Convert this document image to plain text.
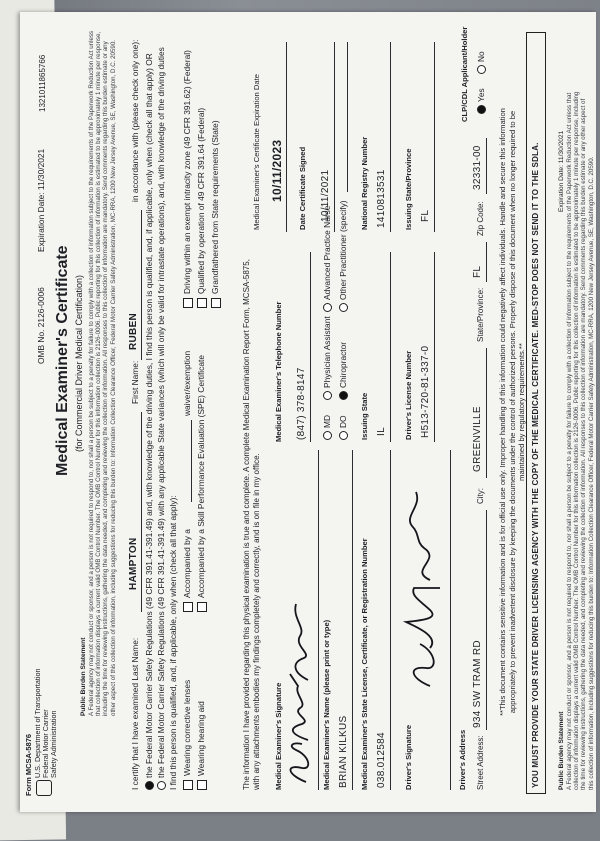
Form MCSA-5876 U.S. Department of Transportation Federal Motor Carrier Safety Administration
OMB No. 2126-0006
Expiration Date: 11/30/2021
1321011865766
Medical Examiner's Certificate (for Commercial Driver Medical Certification)
Public Burden Statement A Federal agency may not conduct or sponsor, and a person is not required to respond to, nor shall a person be subject to a penalty for failure to comply with a collection of information subject to the requirements of the Paperwork Reduction Act unless that collection of information displays a current valid OMB Control Number. The OMB Control Number for this information collection is 2126-0006. Public reporting for this collection of information is estimated to be approximately 1 minute per response, including the time for reviewing instructions, gathering the data needed, and completing and reviewing the collection of information. All responses to this collection of information are mandatory. Send comments regarding this burden estimate or any other aspect of this collection of information, including suggestions for reducing this burden to: Information Collection Clearance Officer, Federal Motor Carrier Safety Administration, MC-RRA, 1200 New Jersey Avenue, SE, Washington, D.C. 20590. I certify that I have examined Last Name:
HAMPTON
First Name:
RUBEN
in accordance with (please check only one): the Federal Motor Carrier Safety Regulations (49 CFR 391.41-391.49) and, with knowledge of the driving duties, I find this person is qualified, and, if applicable, only when (check all that apply) OR the Federal Motor Carrier Safety Regulations (49 CFR 391.41-391.49) with any applicable State variances (which will only be valid for intrastate operations), and, with knowledge of the driving duties I find this person is qualified, and, if applicable, only when (check all that apply): Wearing corrective lenses Wearing hearing aid
Accompanied by a
waiver/exemption Accompanied by a Skill Performance Evaluation (SPE) Certificate
Driving within an exempt intracity zone (49 CFR 391.62) (Federal) Qualified by operation of 49 CFR 391.64 (Federal) Grandfathered from State requirements (State)
The information I have provided regarding this physical examination is true and complete. A complete Medical Examination Report Form, MCSA-5875, with any attachments embodies my findings completely and correctly, and is on file in my office.
Medical Examiner's Certificate Expiration Date 10/11/2023
Medical Examiner's Signature
Medical Examiner's Telephone Number (847) 378-8147
Date Certificate Signed 10/11/2021
Medical Examiner's Name (please print or type) BRIAN KILKUS
MD
Physician Assistant
Advanced Practice Nurse
DO
Chiropractor
Other Practitioner (specify)
Medical Examiner's State License, Certificate, or Registration Number 038.012584
Issuing State IL
National Registry Number 1410813531
Driver's Signature
Driver's License Number H513-720-81-337-0
Issuing State/Province FL
Driver's Address Street Address:
934 SW TRAM RD
City:
GREENVILLE
State/Province:
FL
Zip Code:
32331-00
CLP/CDL Applicant/Holder Yes
No
**This document contains sensitive information and is for official use only. Improper handling of this information could negatively affect individuals. Handle and secure this information appropriately to prevent inadvertent disclosure by keeping the documents under the control of authorized persons. Properly dispose of this document when no longer required to be maintained by regulatory requirements.** YOU MUST PROVIDE YOUR STATE DRIVER LICENSING AGENCY WITH THE COPY OF THE MEDICAL CERTIFICATE. MED-STOP DOES NOT SEND IT TO THE SDLA.	Public Burden Statement A Federal agency may not conduct or sponsor, and a person is not required to respond to, nor shall a person be subject to a penalty for failure to comply with a collection of information subject to the requirements of the Paperwork Reduction Act unless that collection of information displays a current valid OMB Control Number. The OMB Control Number for this information collection is 2126-0006. Public reporting for this collection of information is estimated to be approximately 1 minute per response, including the time for reviewing instructions, gathering the data needed, and completing and reviewing the collection of information. All responses to this collection of information are mandatory. Send comments regarding this burden estimate or any other aspect of this collection of information, including suggestions for reducing this burden to: Information Collection Clearance Officer, Federal Motor Carrier Safety Administration, MC-RRA, 1200 New Jersey Avenue, SE, Washington, D.C. 20590.
Expiration Date: 11/30/2021
